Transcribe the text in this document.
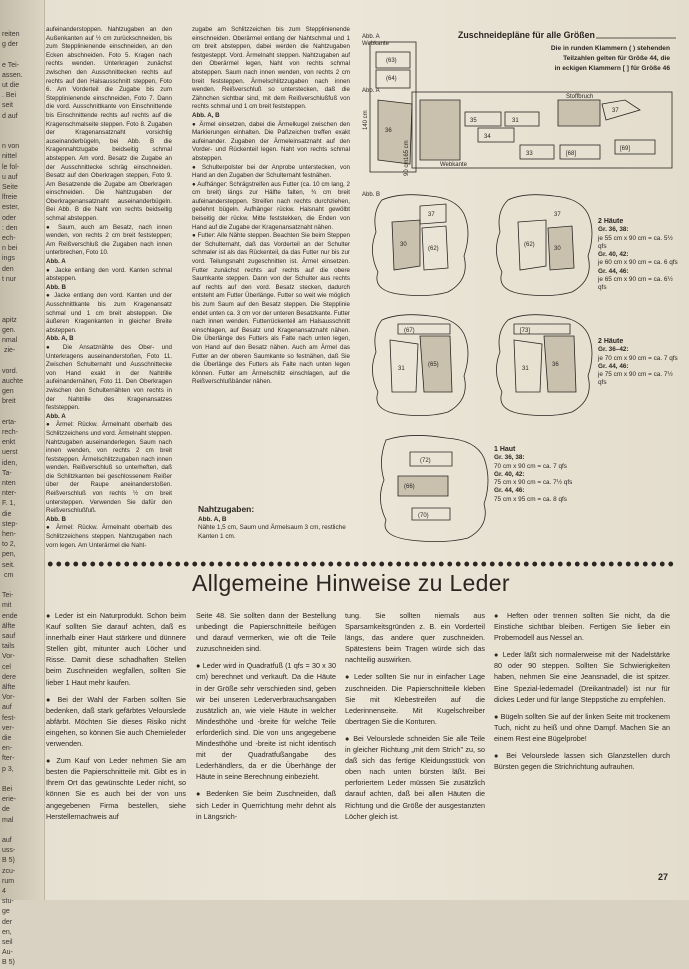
reiten
g der

e Tei-
assen.
ut die
. Bei
seit
d auf

n von
nittel
le fol-
u auf
Seite
lfreie
ester,
oder
: den
ech-
n bei
ings
den
t nur

apitz
gen.
nmal
zie-

vord.
auchte
gen
breit

erta-
rech-
enkt
uerst
iden,
Ta-
nten
nter-
F. 1,
die
step-
hen-
to 2,
pen,
seit.
cm

Tei-
mit
ende
älfte
sauf
tails
Vor-
cel
dere
älfte
Vor-
auf
fest-
ver-
die
en-
fter-
p 3,

Bei
erie-
de
mal

auf
uss-
B 5)
zcu-
rum
4
stu-
ge
der
en,
seil
Au-
B 5)

aufeinanderstoppen. Nahtzugaben an den Außenkanten auf ½ cm zurückschneiden, bis zum Stepplinienende einschneiden, an den Ecken abschneiden. Foto 5. Kragen nach rechts wenden. Unterkragen zunächst zwischen den Ausschnittecken rechts auf rechts auf den Halsausschnitt steppen, Foto 6. Am Vorderteil die Zugabe bis zum Stepplinienende einschneiden, Foto 7. Dann die vord. Ausschnittkante von Einschnittende bis Einschnittende rechts auf rechts auf die Kragenschmalseite steppen. Foto 8. Zugaben der Kragenansatznaht vorsichtig auseinanderbügeln, bei Abb. B die Kragennahtzugabe beidseitig schmal absteppen. Am vord. Besatz die Zugabe an der Ausschnittecke schräg einschneiden. Besatz auf den Oberkragen steppen, Foto 9. Am Besatzende die Zugabe am Oberkragen einschneiden. Die Nahtzugaben der Oberkragenansatznaht auseinanderbügeln. Bei Abb. B die Naht von rechts beidseitig schmal absteppen.

● Saum, auch am Besatz, nach innen wenden, von rechts 2 cm breit feststeppen; Am Reißverschluß die Zugaben nach innen unterbrechen, Foto 10.

Abb. A

● Jacke entlang den vord. Kanten schmal absteppen.

Abb. B

● Jacke entlang den vord. Kanten und der Ausschnittkante bis zum Kragenansatz schmal und 1 cm breit absteppen. Die äußeren Kragenkanten in gleicher Breite absteppen.

Abb. A, B

● Die Ansatznähte des Ober- und Unterkragens auseinanderstoßen, Foto 11. Zwischen Schulternaht und Ausschnittecke von Hand exakt in der Nahtrille aufeinandernähen, Foto 11. Den Oberkragen zwischen den Schulternähten von rechts in der Nahtrille des Kragenansatzes feststeppen.

Abb. A

● Ärmel: Rückw. Ärmelnaht oberhalb des Schlitzzeichens und vord. Ärmelnaht steppen. Nahtzugaben auseinanderlegen. Saum nach innen wenden, von rechts 2 cm breit feststeppen. Ärmelschlitzzugaben nach innen wenden. Reißverschluß so unterheften, daß die Schlitzkanten bei geschlossenem Reißer über der Raupe aneinanderstoßen. Reißverschluß von rechts ½ cm breit untersteppen. Verwenden Sie dafür den Reißverschlußfuß.

Abb. B

● Ärmel: Rückw. Ärmelnaht oberhalb des Schlitzzeichens steppen. Nahtzugaben nach vorn legen. Am Unterärmel die Naht-

zugabe am Schlitzzeichen bis zum Stepplinienende einschneiden. Oberärmel entlang der Nahtschmal und 1 cm breit absteppen, dabei werden die Nahtzugaben festgesteppt. Vord. Ärmelnaht steppen. Nahtzugaben auf den Oberärmel legen, Naht von rechts schmal absteppen. Saum nach innen wenden, von rechts 2 cm breit feststeppen. Ärmelschlitzzugaben nach innen wenden. Reißverschluß so unterstecken, daß die Zähnchen sichtbar sind, mit dem Reißverschlußfuß von rechts schmal und 1 cm breit feststeppen.

Abb. A, B

● Ärmel einsetzen, dabei die Ärmelkugel zwischen den Markierungen einhalten. Die Paßzeichen treffen exakt aufeinander. Zugaben der Ärmeleinsatznaht auf den Vorder- und Rückenteil legen. Naht von rechts schmal absteppen.

● Schulterpolster bei der Anprobe unterstecken, von Hand an den Zugaben der Schulternaht festnähen.

● Aufhänger: Schrägstreifen aus Futter (ca. 10 cm lang, 2 cm breit) längs zur Hälfte falten, ¾ cm breit aufeinandersteppen. Streifen nach rechts durchziehen, gedehnt bügeln. Aufhänger rückw. Halsnaht gewölbt beiseitig der rückw. Mitte feststekken, die Enden von Hand auf die Zugabe der Kragenansatznaht nähen.

● Futter: Alle Nähte steppen. Beachten Sie beim Steppen der Schulternaht, daß das Vorderteil an der Schulter schmaler ist als das Rückenteil, da das Futter nur bis zur vord. Teilungsnaht zugeschnitten ist. Ärmel einsetzen. Futter zunächst rechts auf rechts auf die obere Saumkante steppen. Dann von der Schulter aus rechts auf rechts auf den vord. Besatz stecken, dadurch entsteht am Futter Überlänge. Futter so weit wie möglich bis zum Saum auf den Besatz steppen. Die Stepplinie endet unten ca. 3 cm vor der unteren Besatzkante. Futter nach innen wenden. Futterrückenteil am Halsausschnitt einschlagen, auf Besatz und Kragenansatznaht nähen. Die Überlänge des Futters als Falte nach unten legen, von Hand auf den Besatz nähen. Auch am Ärmel das Futter an der oberen Saumkante so festnähen, daß Sie die Überlänge des Futters als Falte nach unten legen können. Futter am Ärmelschlitz einschlagen, auf die Reißverschlußbänder nähen.

Nahtzugaben:
Abb. A, B
Nähte 1,5 cm, Saum und Ärmelsaum 3 cm, restliche Kanten 1 cm.
Zuschneidepläne für alle Größen
Die in runden Klammern ( ) stehenden
Teilzahlen gelten für Größe 44, die
in eckigen Klammern [ ] für Größe 46
Abb. A
Webkante
Stoffbruch
Abb. A
Abb. B
Webkante
(63)
(64)
36
35	31
34
33	[68]
[69]
37
37
30
(62)
37
(62)
30
(67)
31
(65)
[73]
31
36
(72)
(66)
(70)
140 cm
165 cm
90 cm
2 Häute
Gr. 36, 38:
je 55 cm x 90 cm = ca. 5½ qfs
Gr. 40, 42:
je 60 cm x 90 cm = ca. 6 qfs
Gr. 44, 46:
je 65 cm x 90 cm = ca. 6½ qfs
2 Häute
Gr. 36–42:
je 70 cm x 90 cm = ca. 7 qfs
Gr. 44, 46:
je 75 cm x 90 cm = ca. 7½ qfs
1 Haut
Gr. 36, 38:
70 cm x 90 cm = ca. 7 qfs
Gr. 40, 42:
75 cm x 90 cm = ca. 7½ qfs
Gr. 44, 46:
75 cm x 95 cm = ca. 8 qfs
Allgemeine Hinweise zu Leder

● Leder ist ein Naturprodukt. Schon beim Kauf sollten Sie darauf achten, daß es innerhalb einer Haut stärkere und dünnere Stellen gibt, mitunter auch Löcher und Risse. Damit diese schadhaften Stellen beim Zuschneiden wegfallen, sollten Sie lieber 1 Haut mehr kaufen.

● Bei der Wahl der Farben sollten Sie bedenken, daß stark gefärbtes Velourslede abfärbt. Möchten Sie dieses Risiko nicht eingehen, so können Sie auch Chemieleder verwenden.

● Zum Kauf von Leder nehmen Sie am besten die Papierschnitteile mit. Gibt es in Ihrem Ort das gewünschte Leder nicht, so können Sie es auch bei der von uns angegebenen Firma bestellen, siehe Herstellernachweis auf

Seite 48. Sie sollten dann der Bestellung unbedingt die Papierschnitteile beifügen und darauf vermerken, wie oft die Teile zuzuschneiden sind.

● Leder wird in Quadratfuß (1 qfs = 30 x 30 cm) berechnet und verkauft. Da die Häute in der Größe sehr verschieden sind, geben wir bei unseren Lederverbrauchsangaben zusätzlich an, wie viele Häute in welcher Mindesthöhe und -breite für welche Teile erforderlich sind. Die von uns angegebene Mindesthöhe und -breite ist nicht identisch mit der Quadratfußangabe des Lederhändlers, da er die Überhänge der Häute in seine Berechnung einbezieht.

● Bedenken Sie beim Zuschneiden, daß sich Leder in Querrichtung mehr dehnt als in Längsrich-

tung. Sie sollten niemals aus Sparsamkeitsgründen z. B. ein Vorderteil längs, das andere quer zuschneiden. Spätestens beim Tragen würde sich das nachteilig auswirken.

● Leder sollten Sie nur in einfacher Lage zuschneiden. Die Papierschnitteile kleben Sie mit Klebestreifen auf die Lederinnenseite. Mit Kugelschreiber übertragen Sie die Konturen.

● Bei Velourslede schneiden Sie alle Teile in gleicher Richtung „mit dem Strich" zu, so daß sich das fertige Kleidungsstück von oben nach unten bürsten läßt. Bei perforiertem Leder müssen Sie zusätzlich darauf achten, daß bei allen Häuten die Richtung und die Größe der ausgestanzten Löcher gleich ist.

● Heften oder trennen sollten Sie nicht, da die Einstiche sichtbar bleiben. Fertigen Sie lieber ein Probemodell aus Nessel an.

● Leder läßt sich normalerweise mit der Nadelstärke 80 oder 90 steppen. Sollten Sie Schwierigkeiten haben, nehmen Sie eine Jeansnadel, die ist spitzer. Eine Spezial-ledernadel (Dreikantnadel) ist nur für dickes Leder und für lange Steppstiche zu empfehlen.

● Bügeln sollten Sie auf der linken Seite mit trockenem Tuch, nicht zu heiß und ohne Dampf. Machen Sie an einem Rest eine Bügelprobe!

● Bei Velourslede lassen sich Glanzstellen durch Bürsten gegen die Strichrichtung aufrauhen.

27
